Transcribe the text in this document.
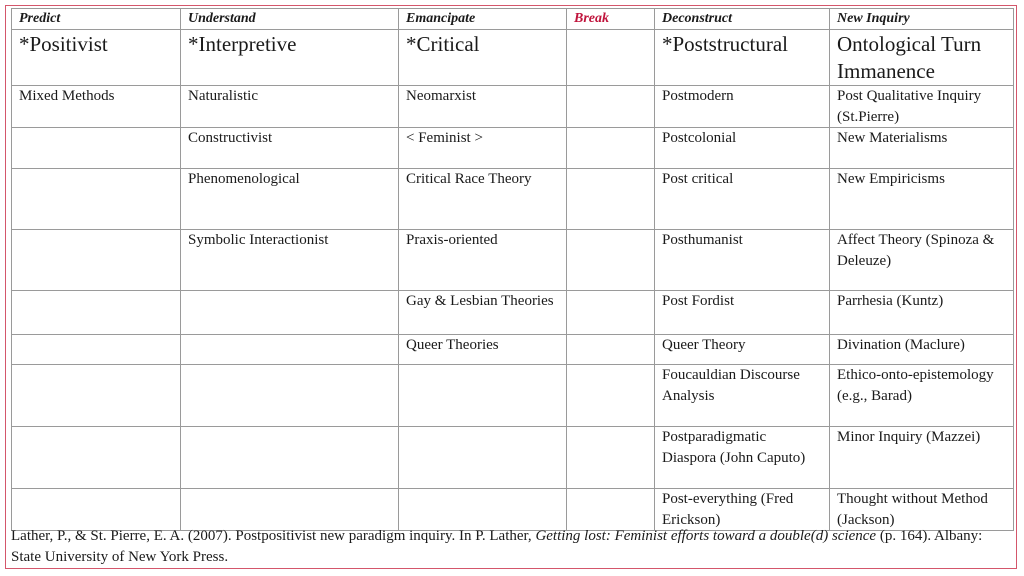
Predict	Understand	Emancipate	Break	Deconstruct	New Inquiry
*Positivist	*Interpretive	*Critical		*Poststructural	Ontological Turn Immanence
Mixed Methods	Naturalistic	Neomarxist		Postmodern	Post Qualitative Inquiry (St.Pierre)
	Constructivist	< Feminist >		Postcolonial	New Materialisms
	Phenomenological	Critical Race Theory		Post critical	New Empiricisms
	Symbolic Interactionist	Praxis-oriented		Posthumanist	Affect Theory (Spinoza & Deleuze)
		Gay & Lesbian Theories		Post Fordist	Parrhesia (Kuntz)
		Queer Theories		Queer Theory	Divination (Maclure)
				Foucauldian Discourse Analysis	Ethico-onto-epistemology (e.g., Barad)
				Postparadigmatic Diaspora (John Caputo)	Minor Inquiry (Mazzei)
				Post-everything (Fred Erickson)	Thought without Method (Jackson)
Lather, P., & St. Pierre, E. A. (2007). Postpositivist new paradigm inquiry. In P. Lather, Getting lost: Feminist efforts toward a double(d) science (p. 164). Albany: State University of New York Press.
